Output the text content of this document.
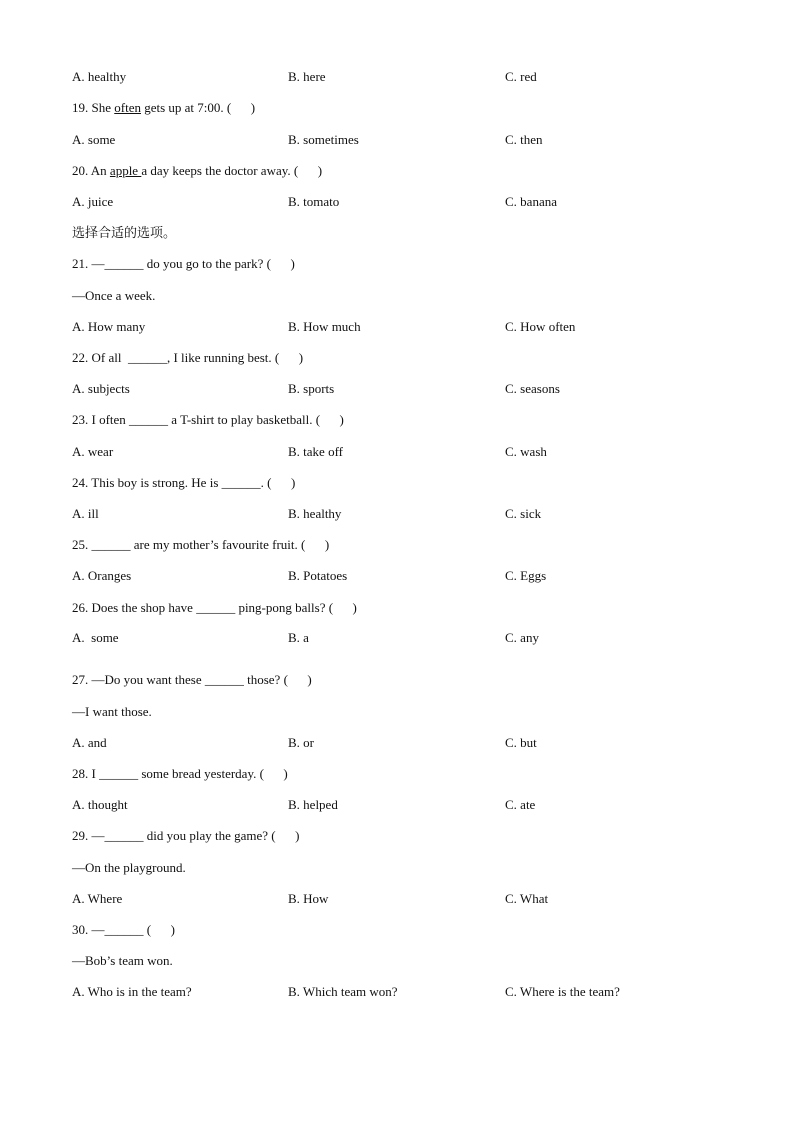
A. healthy	B. here	C. red
19. She often gets up at 7:00. (      )
A. some	B. sometimes	C. then
20. An apple a day keeps the doctor away. (      )
A. juice	B. tomato	C. banana
选择合适的选项。
21. —______ do you go to the park? (      )
—Once a week.
A. How many	B. How much	C. How often
22. Of all  ______, I like running best. (      )
A. subjects	B. sports	C. seasons
23. I often ______ a T-shirt to play basketball. (      )
A. wear	B. take off	C. wash
24. This boy is strong. He is ______. (      )
A. ill	B. healthy	C. sick
25. ______ are my mother’s favourite fruit. (      )
A. Oranges	B. Potatoes	C. Eggs
26. Does the shop have ______ ping-pong balls? (      )
A.  some	B. a	C. any
27. —Do you want these ______ those? (      )
—I want those.
A. and	B. or	C. but
28. I ______ some bread yesterday. (      )
A. thought	B. helped	C. ate
29. —______ did you play the game? (      )
—On the playground.
A. Where	B. How	C. What
30. —______ (      )
—Bob’s team won.
A. Who is in the team?	B. Which team won?	C. Where is the team?
